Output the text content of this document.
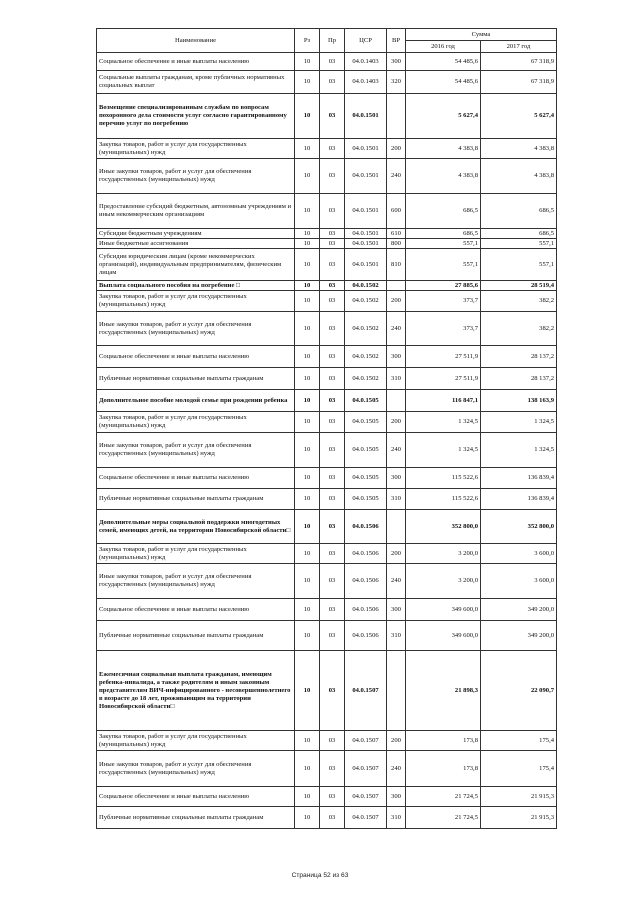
Наименование	Рз	Пр	ЦСР	ВР	Сумма	
					2016 год	2017 год
Социальное обеспечение и иные выплаты населению	10	03	04.0.1403	300	54 485,6	67 318,9
Социальные выплаты гражданам, кроме публичных нормативных социальных выплат	10	03	04.0.1403	320	54 485,6	67 318,9
Возмещение специализированным службам по вопросам похоронного дела стоимости услуг согласно гарантированному перечню услуг по погребению	10	03	04.0.1501		5 627,4	5 627,4
Закупка товаров, работ и услуг для государственных (муниципальных) нужд	10	03	04.0.1501	200	4 383,8	4 383,8
Иные закупки товаров, работ и услуг для обеспечения государственных (муниципальных) нужд	10	03	04.0.1501	240	4 383,8	4 383,8
Предоставление субсидий бюджетным, автономным учреждениям и иным некоммерческим организациям	10	03	04.0.1501	600	686,5	686,5
Субсидии бюджетным учреждениям	10	03	04.0.1501	610	686,5	686,5
Иные бюджетные ассигнования	10	03	04.0.1501	800	557,1	557,1
Субсидии юридическим лицам (кроме некоммерческих организаций), индивидуальным предпринимателям, физическим лицам	10	03	04.0.1501	810	557,1	557,1
Выплата социального пособия на погребение □	10	03	04.0.1502		27 885,6	28 519,4
Закупка товаров, работ и услуг для государственных (муниципальных) нужд	10	03	04.0.1502	200	373,7	382,2
Иные закупки товаров, работ и услуг для обеспечения государственных (муниципальных) нужд	10	03	04.0.1502	240	373,7	382,2
Социальное обеспечение и иные выплаты населению	10	03	04.0.1502	300	27 511,9	28 137,2
Публичные нормативные социальные выплаты гражданам	10	03	04.0.1502	310	27 511,9	28 137,2
Дополнительное пособие молодой семье при рождении ребенка	10	03	04.0.1505		116 847,1	138 163,9
Закупка товаров, работ и услуг для государственных (муниципальных) нужд	10	03	04.0.1505	200	1 324,5	1 324,5
Иные закупки товаров, работ и услуг для обеспечения государственных (муниципальных) нужд	10	03	04.0.1505	240	1 324,5	1 324,5
Социальное обеспечение и иные выплаты населению	10	03	04.0.1505	300	115 522,6	136 839,4
Публичные нормативные социальные выплаты гражданам	10	03	04.0.1505	310	115 522,6	136 839,4
Дополнительные меры социальной поддержки многодетных семей, имеющих детей, на территории Новосибирской области□	10	03	04.0.1506		352 800,0	352 800,0
Закупка товаров, работ и услуг для государственных (муниципальных) нужд	10	03	04.0.1506	200	3 200,0	3 600,0
Иные закупки товаров, работ и услуг для обеспечения государственных (муниципальных) нужд	10	03	04.0.1506	240	3 200,0	3 600,0
Социальное обеспечение и иные выплаты населению	10	03	04.0.1506	300	349 600,0	349 200,0
Публичные нормативные социальные выплаты гражданам	10	03	04.0.1506	310	349 600,0	349 200,0
Ежемесячная социальная выплата гражданам, имеющим ребенка-инвалида, а также родителям и иным законным представителям ВИЧ-инфицированного - несовершеннолетнего в возрасте до 18 лет, проживающим на территории Новосибирской области□	10	03	04.0.1507		21 898,3	22 090,7
Закупка товаров, работ и услуг для государственных (муниципальных) нужд	10	03	04.0.1507	200	173,8	175,4
Иные закупки товаров, работ и услуг для обеспечения государственных (муниципальных) нужд	10	03	04.0.1507	240	173,8	175,4
Социальное обеспечение и иные выплаты населению	10	03	04.0.1507	300	21 724,5	21 915,3
Публичные нормативные социальные выплаты гражданам	10	03	04.0.1507	310	21 724,5	21 915,3
Страница 52 из 63
